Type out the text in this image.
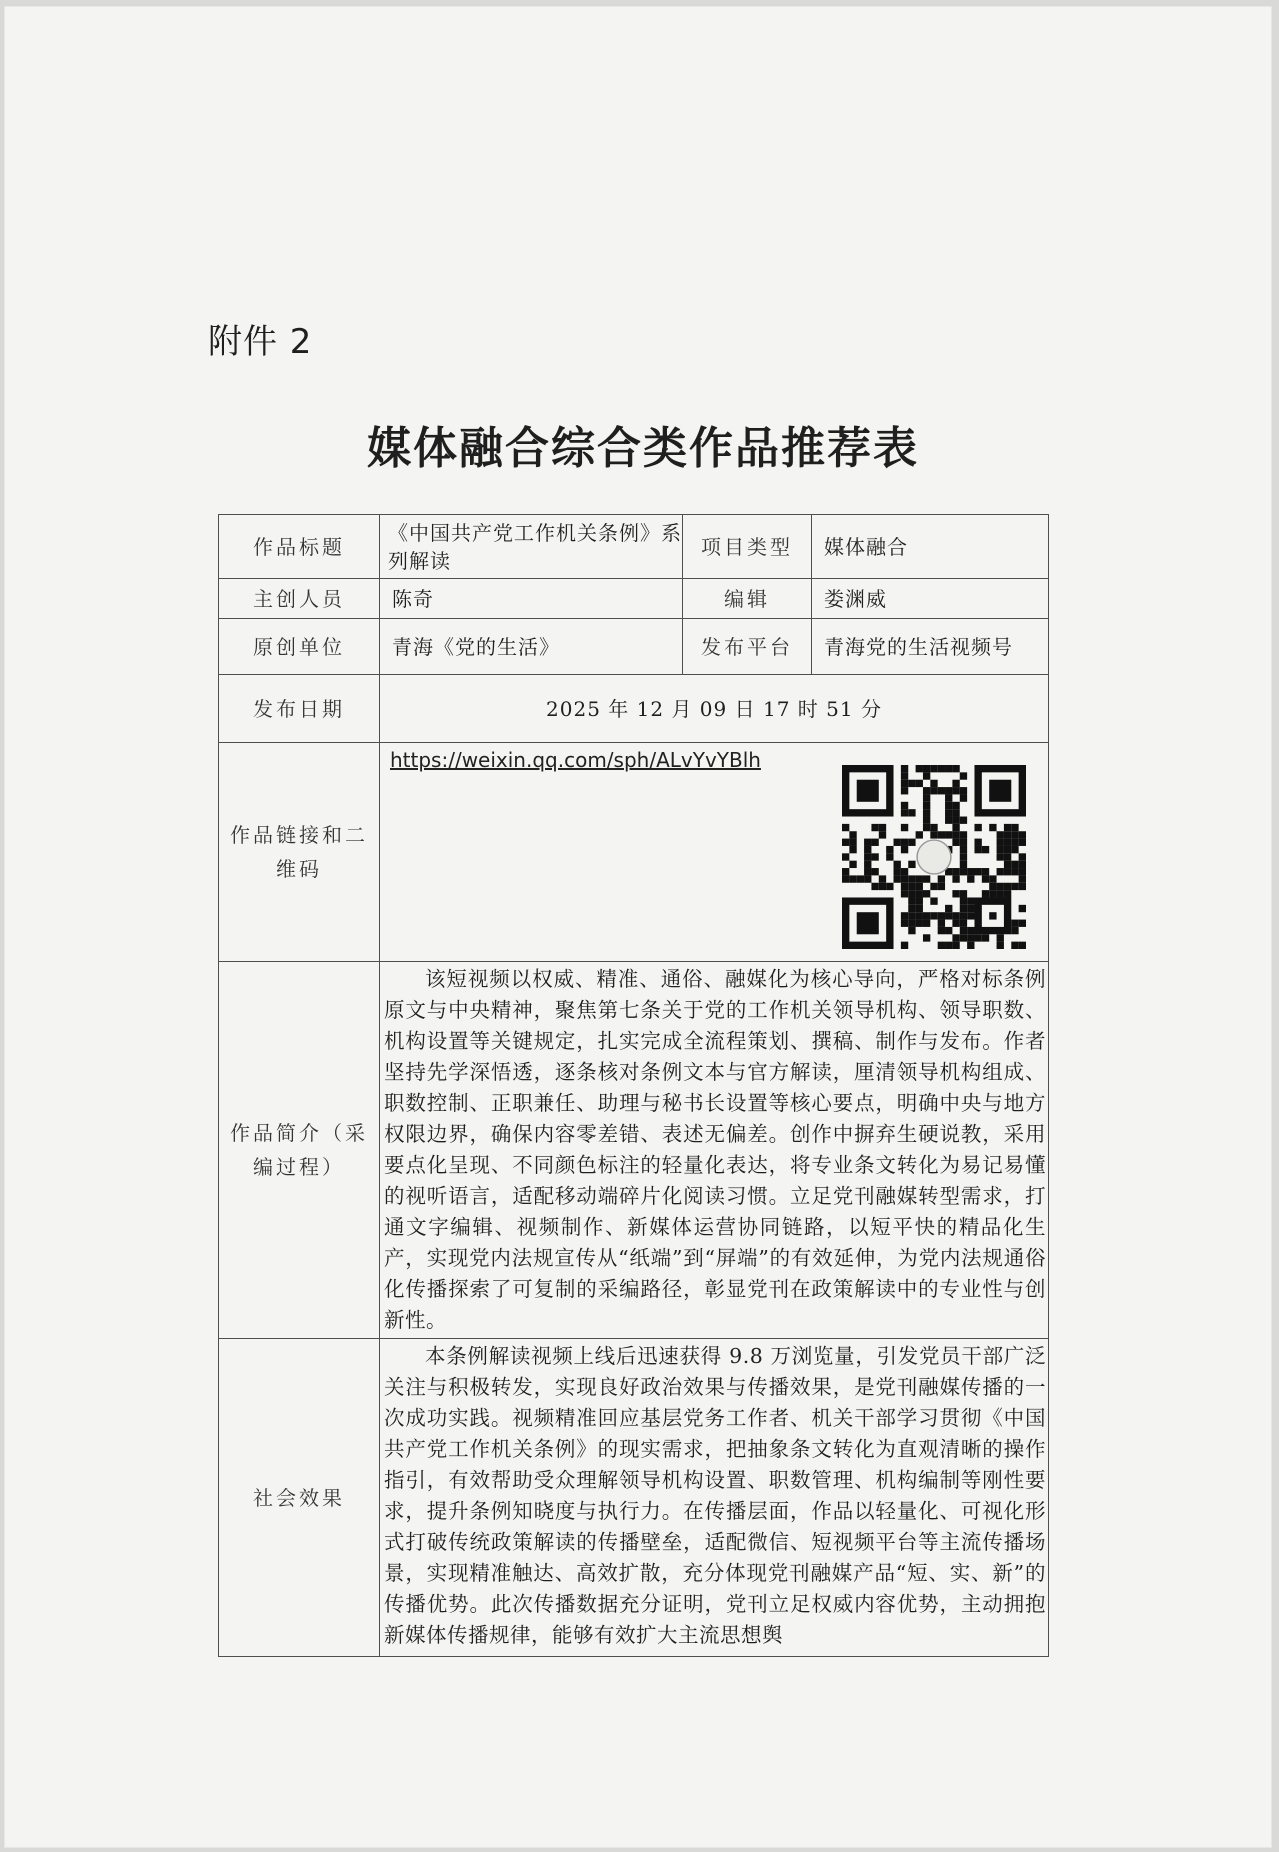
附件 2
媒体融合综合类作品推荐表
作品标题	《中国共产党工作机关条例》系列解读	项目类型	媒体融合
主创人员	陈奇	编辑	娄渊威
原创单位	青海《党的生活》	发布平台	青海党的生活视频号
发布日期	2025 年 12 月 09 日 17 时 51 分		
作品链接和二维码	https://weixin.qq.com/sph/ALvYvYBlh		

作品简介（采编过程）	该短视频以权威、精准、通俗、融媒化为核心导向，严格对标条例原文与中央精神，聚焦第七条关于党的工作机关领导机构、领导职数、机构设置等关键规定，扎实完成全流程策划、撰稿、制作与发布。作者坚持先学深悟透，逐条核对条例文本与官方解读，厘清领导机构组成、职数控制、正职兼任、助理与秘书长设置等核心要点，明确中央与地方权限边界，确保内容零差错、表述无偏差。创作中摒弃生硬说教，采用要点化呈现、不同颜色标注的轻量化表达，将专业条文转化为易记易懂的视听语言，适配移动端碎片化阅读习惯。立足党刊融媒转型需求，打通文字编辑、视频制作、新媒体运营协同链路，以短平快的精品化生产，实现党内法规宣传从“纸端”到“屏端”的有效延伸，为党内法规通俗化传播探索了可复制的采编路径，彰显党刊在政策解读中的专业性与创新性。		
社会效果	本条例解读视频上线后迅速获得 9.8 万浏览量，引发党员干部广泛关注与积极转发，实现良好政治效果与传播效果，是党刊融媒传播的一次成功实践。视频精准回应基层党务工作者、机关干部学习贯彻《中国共产党工作机关条例》的现实需求，把抽象条文转化为直观清晰的操作指引，有效帮助受众理解领导机构设置、职数管理、机构编制等刚性要求，提升条例知晓度与执行力。在传播层面，作品以轻量化、可视化形式打破传统政策解读的传播壁垒，适配微信、短视频平台等主流传播场景，实现精准触达、高效扩散，充分体现党刊融媒产品“短、实、新”的传播优势。此次传播数据充分证明，党刊立足权威内容优势，主动拥抱新媒体传播规律，能够有效扩大主流思想舆		
